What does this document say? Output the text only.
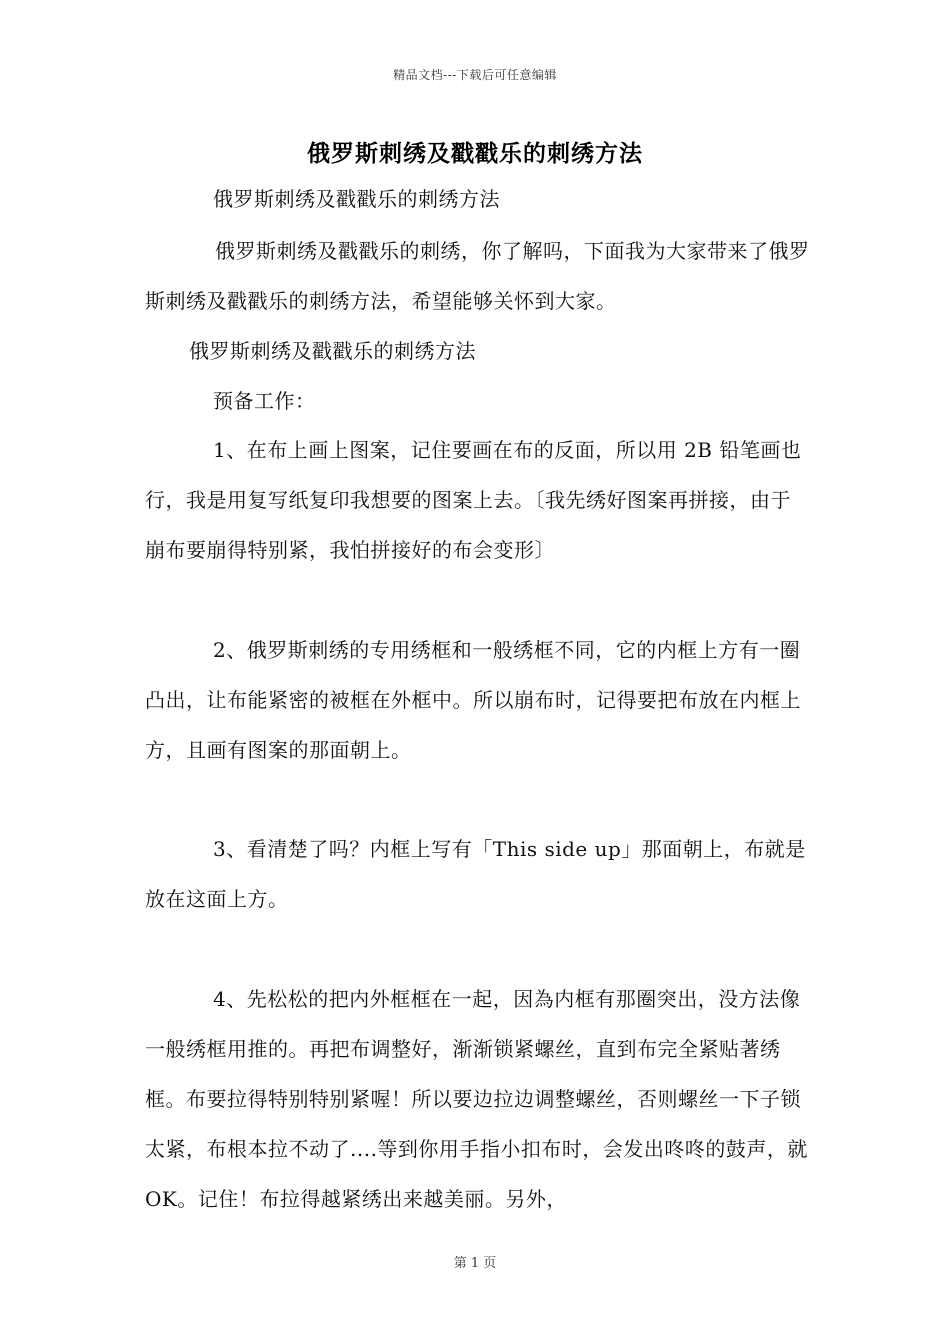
精品文档---下载后可任意编辑
俄罗斯刺绣及戳戳乐的刺绣方法

俄罗斯刺绣及戳戳乐的刺绣方法

俄罗斯刺绣及戳戳乐的刺绣，你了解吗，下面我为大家带来了俄罗斯刺绣及戳戳乐的刺绣方法，希望能够关怀到大家。

俄罗斯刺绣及戳戳乐的刺绣方法

预备工作：

1、在布上画上图案，记住要画在布的反面，所以用 2B 铅笔画也行，我是用复写纸复印我想要的图案上去。〔我先绣好图案再拼接，由于崩布要崩得特别紧，我怕拼接好的布会变形〕

2、俄罗斯刺绣的专用绣框和一般绣框不同，它的内框上方有一圈凸出，让布能紧密的被框在外框中。所以崩布时，记得要把布放在内框上方，且画有图案的那面朝上。

3、看清楚了吗？内框上写有「This side up」那面朝上，布就是放在这面上方。

4、先松松的把内外框框在一起，因為内框有那圈突出，没方法像一般绣框用推的。再把布调整好，渐渐锁紧螺丝，直到布完全紧贴著绣框。布要拉得特别特别紧喔！所以要边拉边调整螺丝，否则螺丝一下子锁太紧，布根本拉不动了....等到你用手指小扣布时，会发出咚咚的鼓声，就 OK。记住！布拉得越紧绣出来越美丽。另外，

第 1 页
